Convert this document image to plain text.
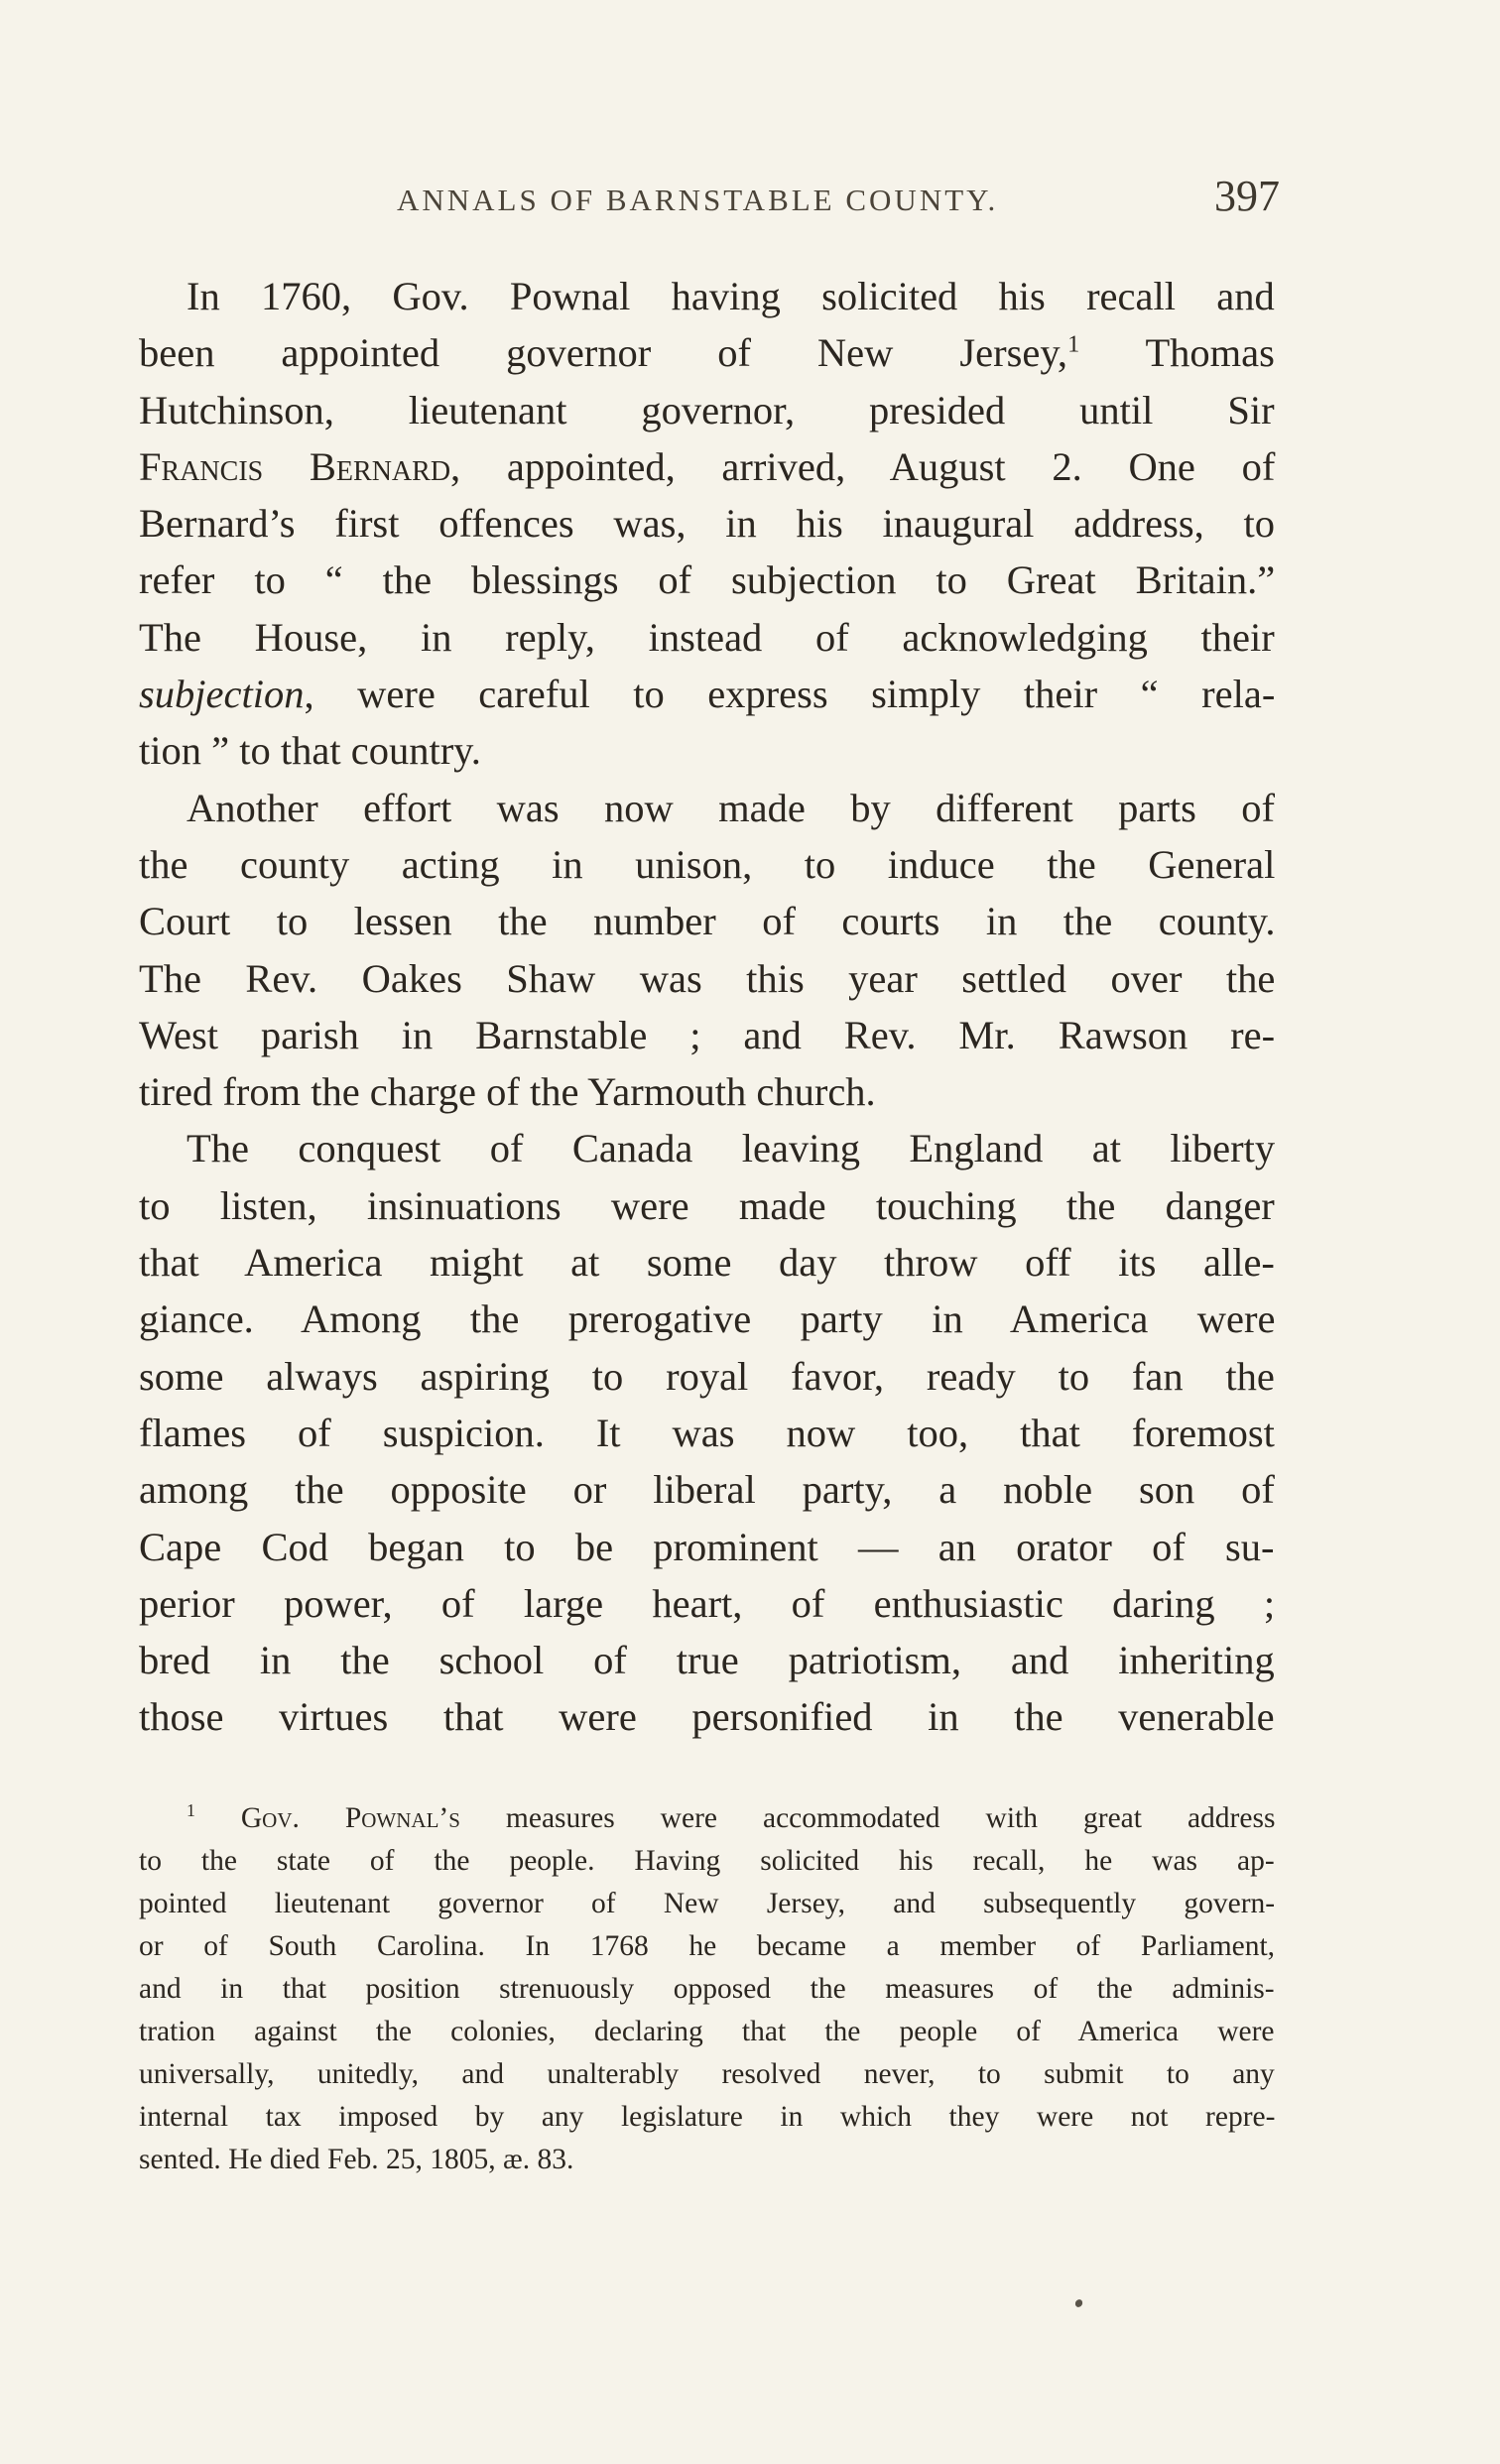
ANNALS OF BARNSTABLE COUNTY.	397
In 1760, Gov. Pownal having solicited his recall and
been appointed governor of New Jersey,$^1$ Thomas
Hutchinson, lieutenant governor, presided until Sir
Francis Bernard, appointed, arrived, August 2. One of
Bernard’s first offences was, in his inaugural address, to
refer to “ the blessings of subjection to Great Britain.”
The House, in reply, instead of acknowledging their
subjection, were careful to express simply their “ rela-
tion ” to that country.
Another effort was now made by different parts of
the county acting in unison, to induce the General
Court to lessen the number of courts in the county.
The Rev. Oakes Shaw was this year settled over the
West parish in Barnstable ; and Rev. Mr. Rawson re-
tired from the charge of the Yarmouth church.
The conquest of Canada leaving England at liberty
to listen, insinuations were made touching the danger
that America might at some day throw off its alle-
giance. Among the prerogative party in America were
some always aspiring to royal favor, ready to fan the
flames of suspicion. It was now too, that foremost
among the opposite or liberal party, a noble son of
Cape Cod began to be prominent — an orator of su-
perior power, of large heart, of enthusiastic daring ;
bred in the school of true patriotism, and inheriting
those virtues that were personified in the venerable
$^1$ Gov. Pownal’s measures were accommodated with great address
to the state of the people. Having solicited his recall, he was ap-
pointed lieutenant governor of New Jersey, and subsequently govern-
or of South Carolina. In 1768 he became a member of Parliament,
and in that position strenuously opposed the measures of the adminis-
tration against the colonies, declaring that the people of America were
universally, unitedly, and unalterably resolved never, to submit to any
internal tax imposed by any legislature in which they were not repre-
sented. He died Feb. 25, 1805, æ. 83.
